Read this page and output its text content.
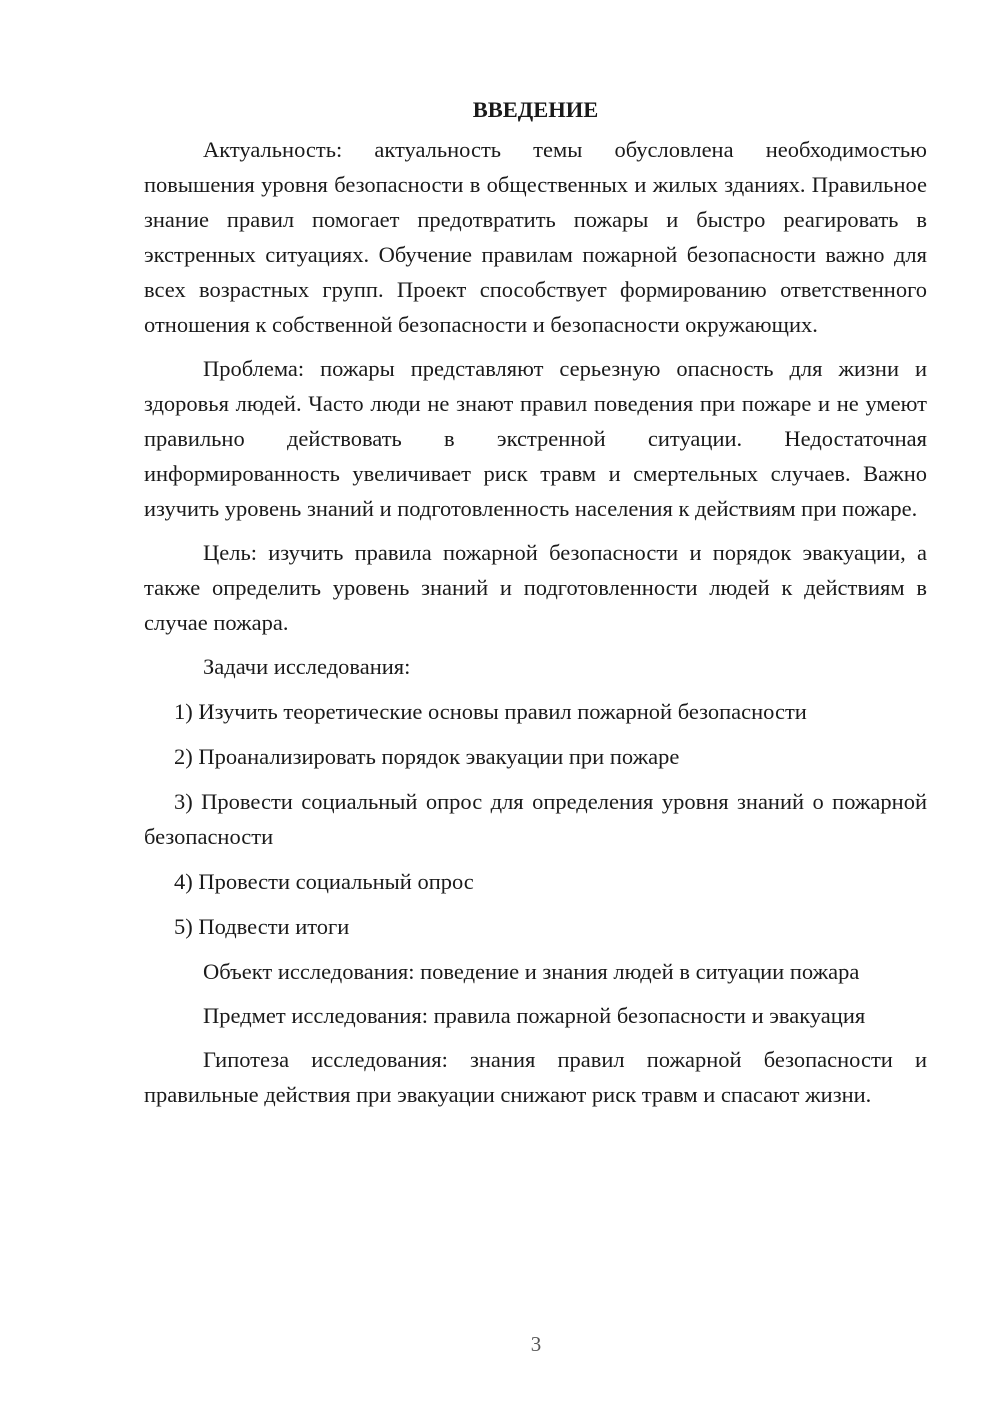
ВВЕДЕНИЕ

Актуальность: актуальность темы обусловлена необходимостью повышения уровня безопасности в общественных и жилых зданиях. Правильное знание правил помогает предотвратить пожары и быстро реагировать в экстренных ситуациях. Обучение правилам пожарной безопасности важно для всех возрастных групп. Проект способствует формированию ответственного отношения к собственной безопасности и безопасности окружающих.

Проблема: пожары представляют серьезную опасность для жизни и здоровья людей. Часто люди не знают правил поведения при пожаре и не умеют правильно действовать в экстренной ситуации. Недостаточная информированность увеличивает риск травм и смертельных случаев. Важно изучить уровень знаний и подготовленность населения к действиям при пожаре.

Цель: изучить правила пожарной безопасности и порядок эвакуации, а также определить уровень знаний и подготовленности людей к действиям в случае пожара.

Задачи исследования:

1) Изучить теоретические основы правил пожарной безопасности

2) Проанализировать порядок эвакуации при пожаре

3) Провести социальный опрос для определения уровня знаний о пожарной безопасности

4) Провести социальный опрос

5) Подвести итоги

Объект исследования: поведение и знания людей в ситуации пожара

Предмет исследования: правила пожарной безопасности и эвакуация

Гипотеза исследования: знания правил пожарной безопасности и правильные действия при эвакуации снижают риск травм и спасают жизни.

3
